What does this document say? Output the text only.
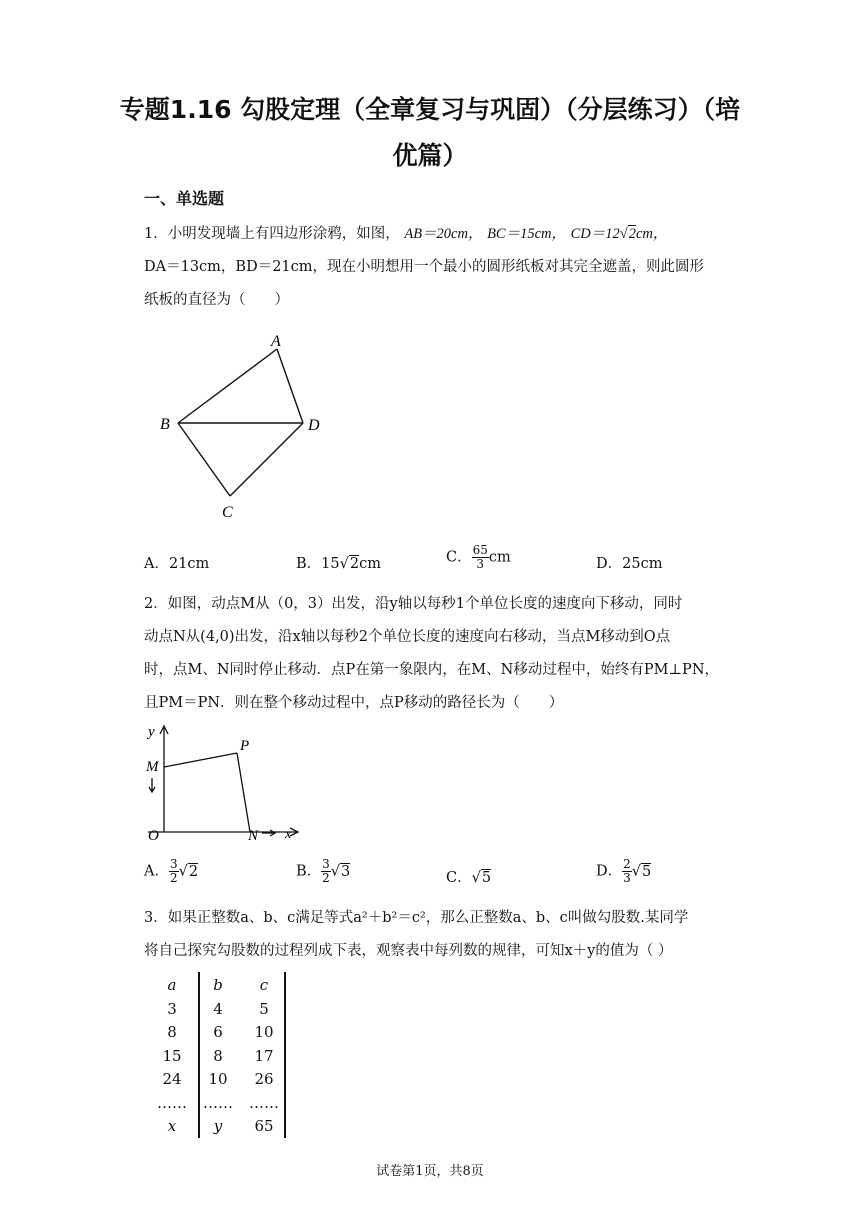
专题1.16 勾股定理（全章复习与巩固）（分层练习）（培
优篇）
一、单选题
1．小明发现墙上有四边形涂鸦，如图， AB＝20cm， BC＝15cm， CD＝12√2cm，
DA＝13cm，BD＝21cm，现在小明想用一个最小的圆形纸板对其完全遮盖，则此圆形
纸板的直径为（　　）
A
B	D
C
A．21cm	B．15√2cm	C． $\frac{65}{3}$ cm	D．25cm
2．如图，动点M从（0，3）出发，沿y轴以每秒1个单位长度的速度向下移动，同时
动点N从(4,0)出发，沿x轴以每秒2个单位长度的速度向右移动，当点M移动到O点
时，点M、N同时停止移动．点P在第一象限内，在M、N移动过程中，始终有PM⊥PN，
且PM＝PN．则在整个移动过程中，点P移动的路径长为（　　）
y
M
P
O	N x
A． $\frac{3}{2} √2$	B． $\frac{3}{2} √3$	C．√5	D． $\frac{2}{3} √5$
3．如果正整数a、b、c满足等式a²＋b²＝c²，那么正整数a、b、c叫做勾股数.某同学
将自己探究勾股数的过程列成下表，观察表中每列数的规律，可知x＋y的值为（ ）
a	b	c
3	4	5
8	6	10
15	8	17
24	10	26
…… …… ……
x	y	65
试卷第1页，共8页
